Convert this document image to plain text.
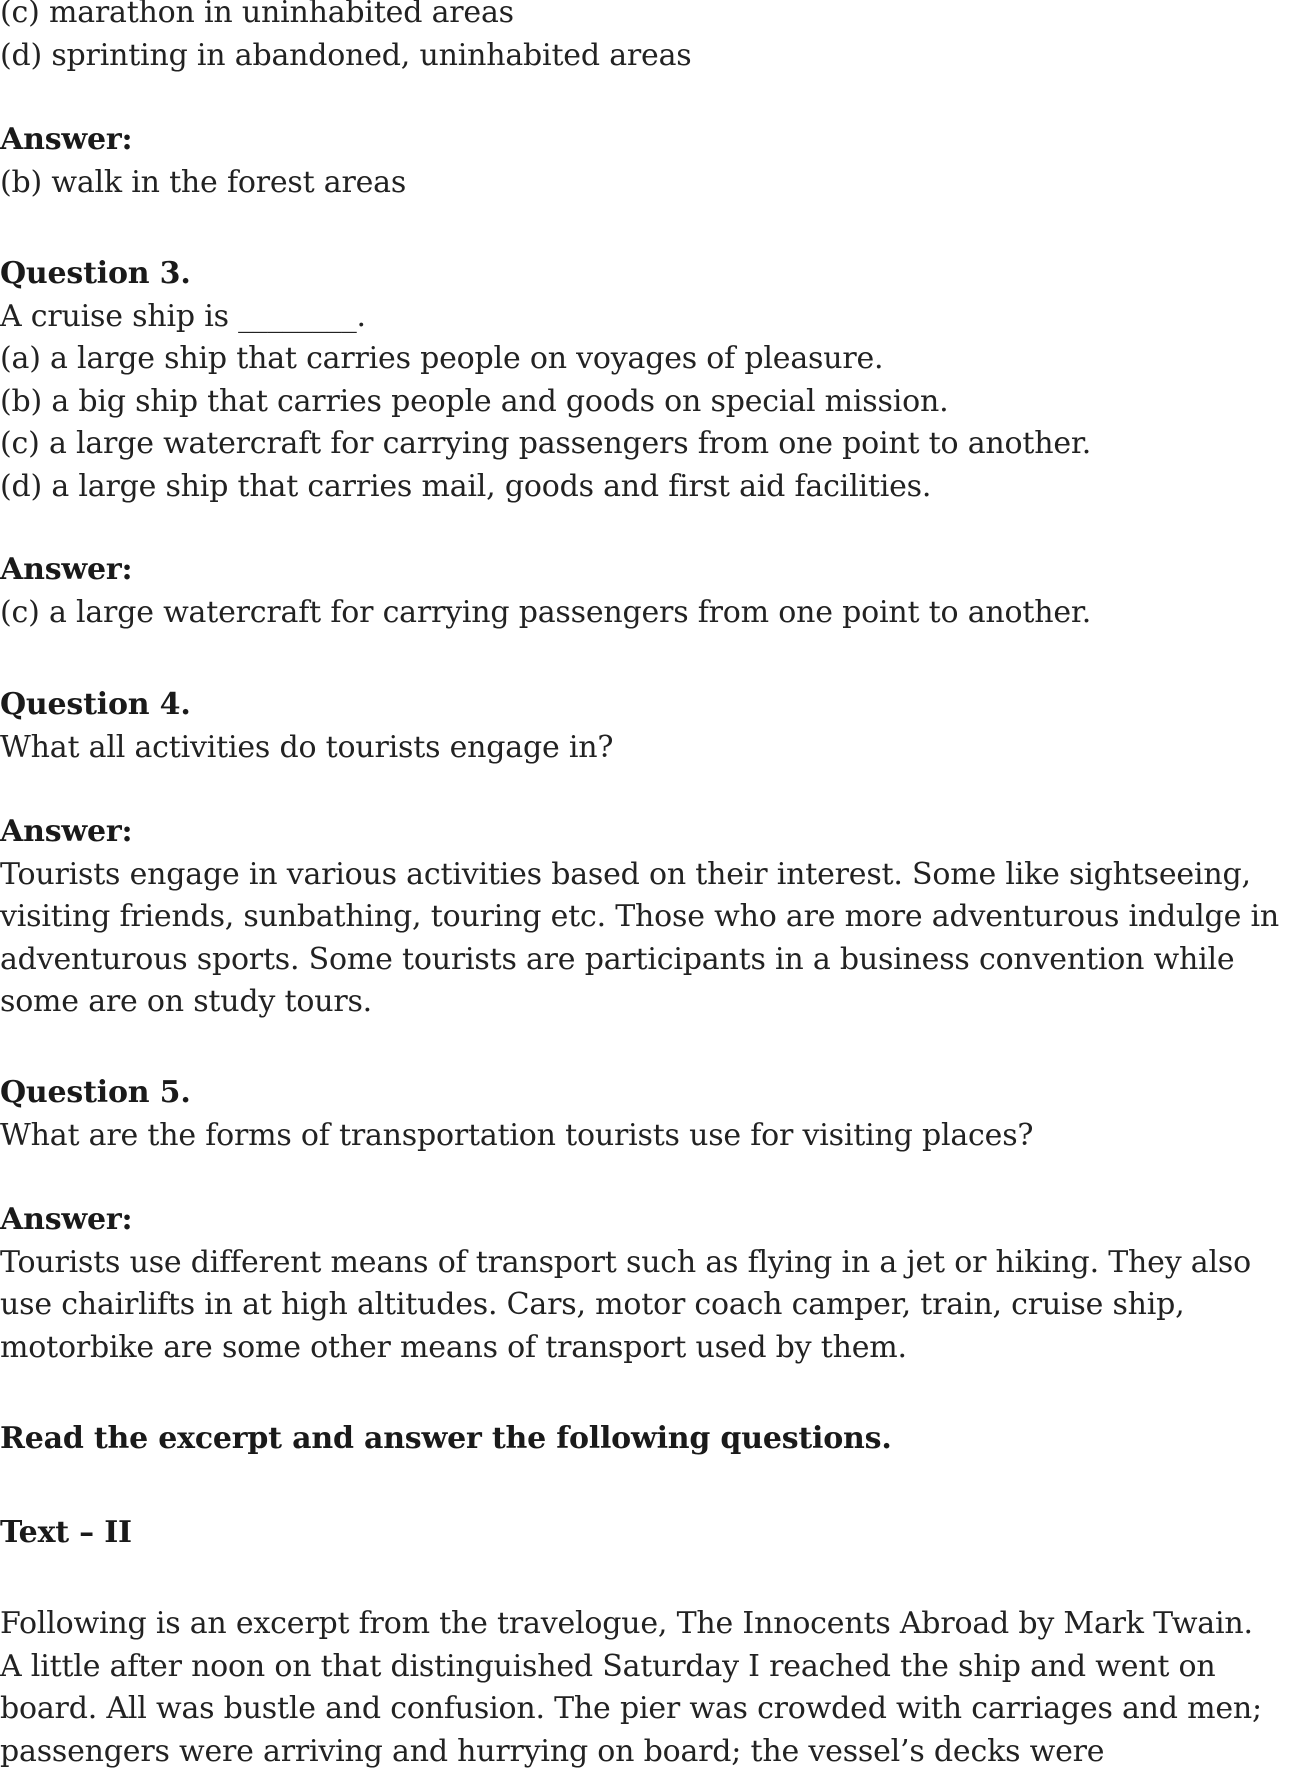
(c) marathon in uninhabited areas
(d) sprinting in abandoned, uninhabited areas
Answer:
(b) walk in the forest areas
Question 3.
A cruise ship is ________.
(a) a large ship that carries people on voyages of pleasure.
(b) a big ship that carries people and goods on special mission.
(c) a large watercraft for carrying passengers from one point to another.
(d) a large ship that carries mail, goods and first aid facilities.
Answer:
(c) a large watercraft for carrying passengers from one point to another.
Question 4.
What all activities do tourists engage in?
Answer:
Tourists engage in various activities based on their interest. Some like sightseeing,
visiting friends, sunbathing, touring etc. Those who are more adventurous indulge in
adventurous sports. Some tourists are participants in a business convention while
some are on study tours.
Question 5.
What are the forms of transportation tourists use for visiting places?
Answer:
Tourists use different means of transport such as flying in a jet or hiking. They also
use chairlifts in at high altitudes. Cars, motor coach camper, train, cruise ship,
motorbike are some other means of transport used by them.
Read the excerpt and answer the following questions.
Text – II
Following is an excerpt from the travelogue, The Innocents Abroad by Mark Twain.
A little after noon on that distinguished Saturday I reached the ship and went on
board. All was bustle and confusion. The pier was crowded with carriages and men;
passengers were arriving and hurrying on board; the vessel’s decks were
